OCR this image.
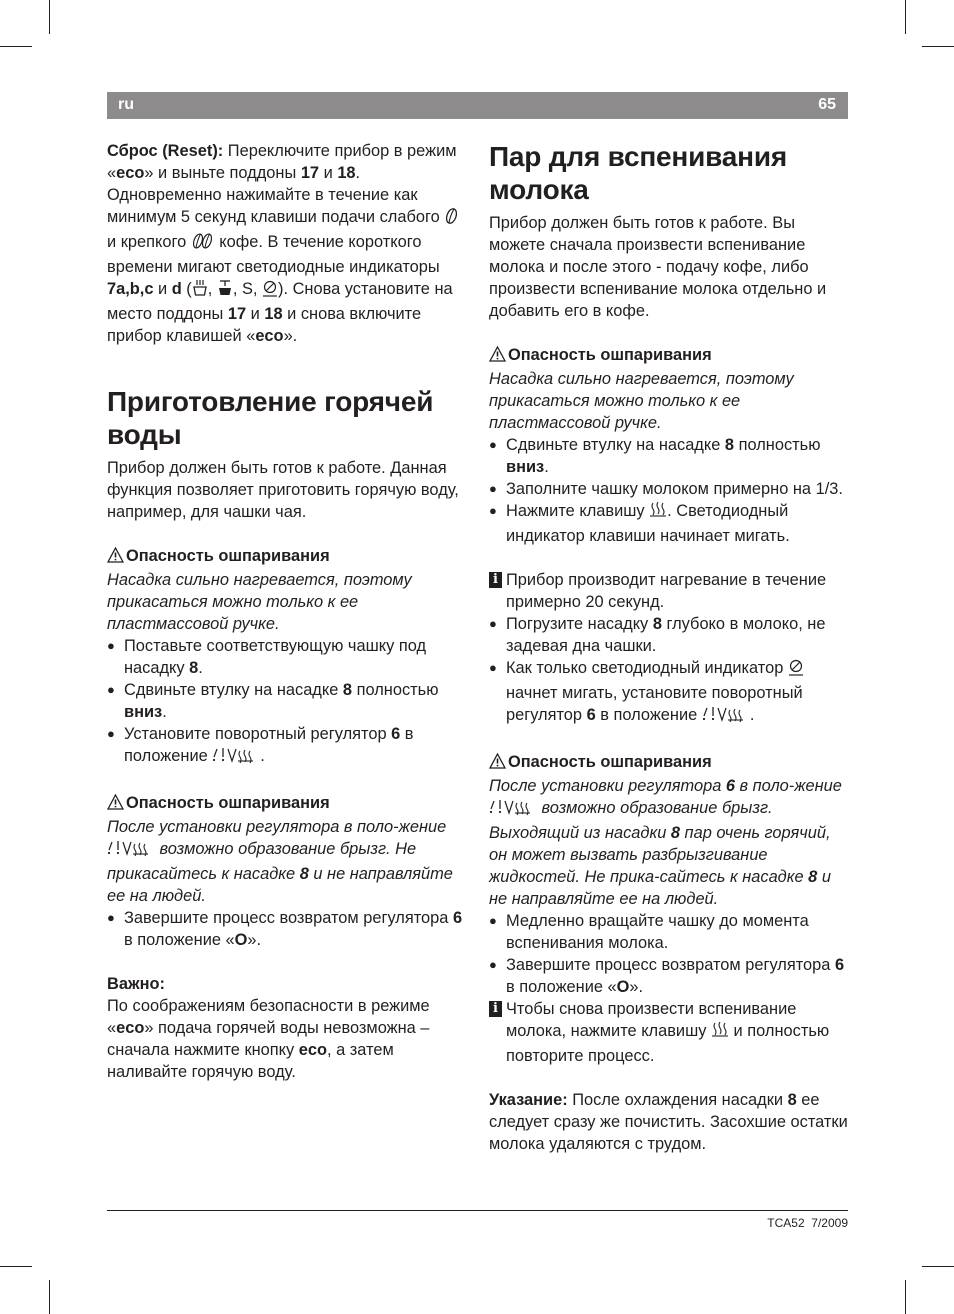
ru	65

Сброс (Reset): Переключите прибор в режим «eco» и выньте поддоны 17 и 18. Одновременно нажимайте в течение как минимум 5 секунд клавиши подачи слабого  и крепкого  кофе. В течение короткого времени мигают светодиодные индикаторы 7a,b,c и d ( , , S, ). Снова установите на место поддоны 17 и 18 и снова включите прибор клавишей «eco».

Приготовление горячей воды

Прибор должен быть готов к работе. Данная функция позволяет приготовить горячую воду, например, для чашки чая.

Опасность ошпаривания

Насадка сильно нагревается, поэтому прикасаться можно только к ее пластмассовой ручке.

● Поставьте соответствующую чашку под насадку 8.
● Сдвиньте втулку на насадке 8 полностью вниз.
● Установите поворотный регулятор 6 в положение	.

Опасность ошпаривания

После установки регулятора в поло-жение  возможно образование брызг. Не прикасайтесь к насадке 8 и не направляйте ее на людей.

● Завершите процесс возвратом регулятора 6 в положение «O».

Важно:

По соображениям безопасности в режиме «eco» подача горячей воды невозможна – сначала нажмите кнопку eco, а затем наливайте горячую воду.

Пар для вспенивания молока

Прибор должен быть готов к работе. Вы можете сначала произвести вспенивание молока и после этого - подачу кофе, либо произвести вспенивание молока отдельно и добавить его в кофе.

Опасность ошпаривания

Насадка сильно нагревается, поэтому прикасаться можно только к ее пластмассовой ручке.

● Сдвиньте втулку на насадке 8 полностью вниз.
● Заполните чашку молоком примерно на 1/3.
● Нажмите клавишу . Светодиодный индикатор клавиши начинает мигать.

i Прибор производит нагревание в течение примерно 20 секунд.

● Погрузите насадку 8 глубоко в молоко, не задевая дна чашки.
● Как только светодиодный индикатор  начнет мигать, установите поворотный регулятор 6 в положение	.

Опасность ошпаривания

После установки регулятора 6 в поло-жение  возможно образование брызг. Выходящий из насадки 8 пар очень горячий, он может вызвать разбрызгивание жидкостей. Не прика-сайтесь к насадке 8 и не направляйте ее на людей.

● Медленно вращайте чашку до момента вспенивания молока.
● Завершите процесс возвратом регулятора 6 в положение «O».

i Чтобы снова произвести вспенивание молока, нажмите клавишу  и полностью повторите процесс.

Указание: После охлаждения насадки 8 ее следует сразу же почистить. Засохшие остатки молока удаляются с трудом.

TCA52 7/2009
